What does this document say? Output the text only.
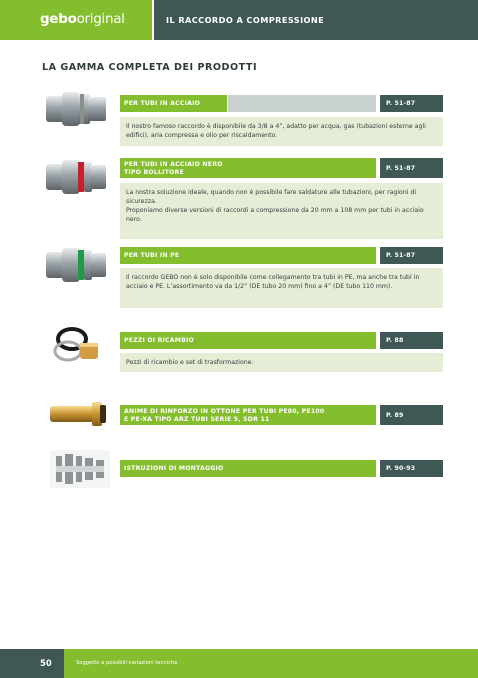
gebooriginal	IL RACCORDO A COMPRESSIONE
LA GAMMA COMPLETA DEI PRODOTTI
PER TUBI IN ACCIAIO	P. 51-87

Il nostro famoso raccordo è disponibile da 3/8 a 4”, adatto per acqua, gas (tubazioni esterne agli edifici), aria compressa e olio per riscaldamento.

PER TUBI IN ACCIAIO NERO
TIPO BOLLITORE
P. 51-87

La nostra soluzione ideale, quando non è possibile fare saldature alle tubazioni, per ragioni di sicurezza.

Proponiamo diverse versioni di raccordi a compressione da 20 mm a 108 mm per tubi in acciaio nero.

PER TUBI IN PE	P. 51-87

Il raccordo GEBO non è solo disponibile come collegamento tra tubi in PE, ma anche tra tubi in acciaio e PE. L’assortimento va da 1/2” (DE tubo 20 mm) fino a 4” (DE tubo 110 mm).

PEZZI DI RICAMBIO	P. 88

Pezzi di ricambio e set di trasformazione.

ANIME DI RINFORZO IN OTTONE PER TUBI PE80, PE100
E PE-XA TIPO ARZ TUBI SERIE 5, SDR 11
P. 89
ISTRUZIONI DI MONTAGGIO	P. 90-93
50	Soggetto a possibili variazioni tecniche
